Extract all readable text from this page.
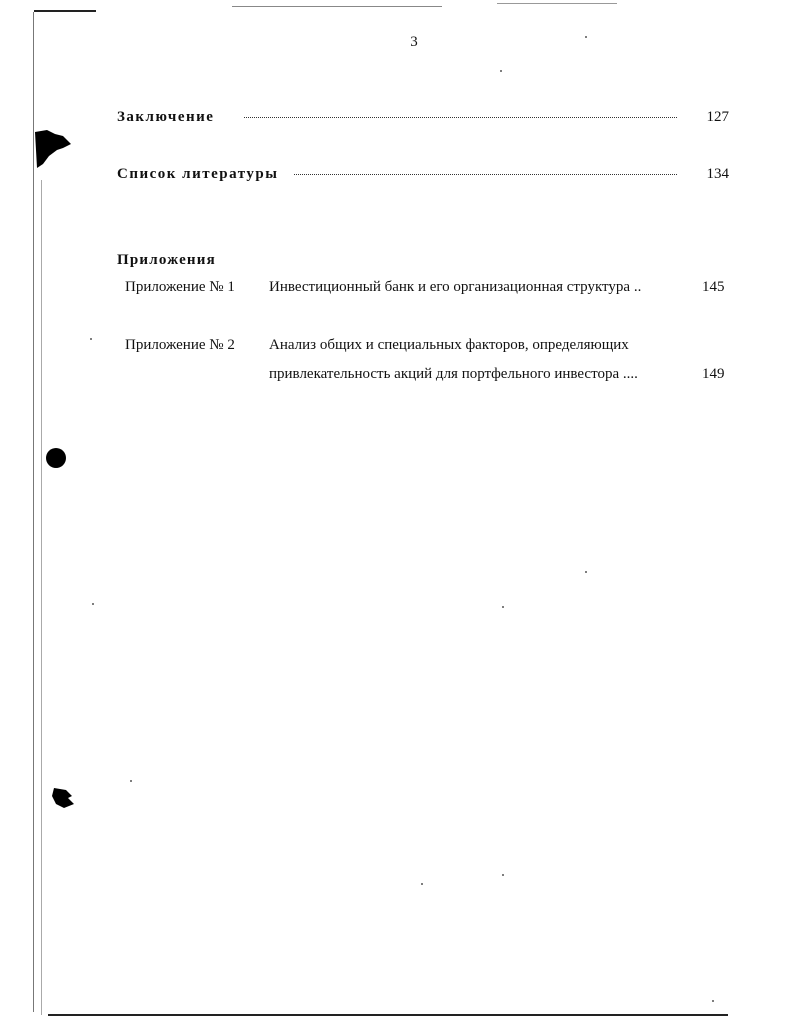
3
Заключение	127
Список литературы	134
Приложения
Приложение № 1 Инвестиционный банк и его организационная структура ..	145
Приложение № 2 Анализ общих и специальных факторов, определяющих
привлекательность акций для портфельного инвестора ....	149
